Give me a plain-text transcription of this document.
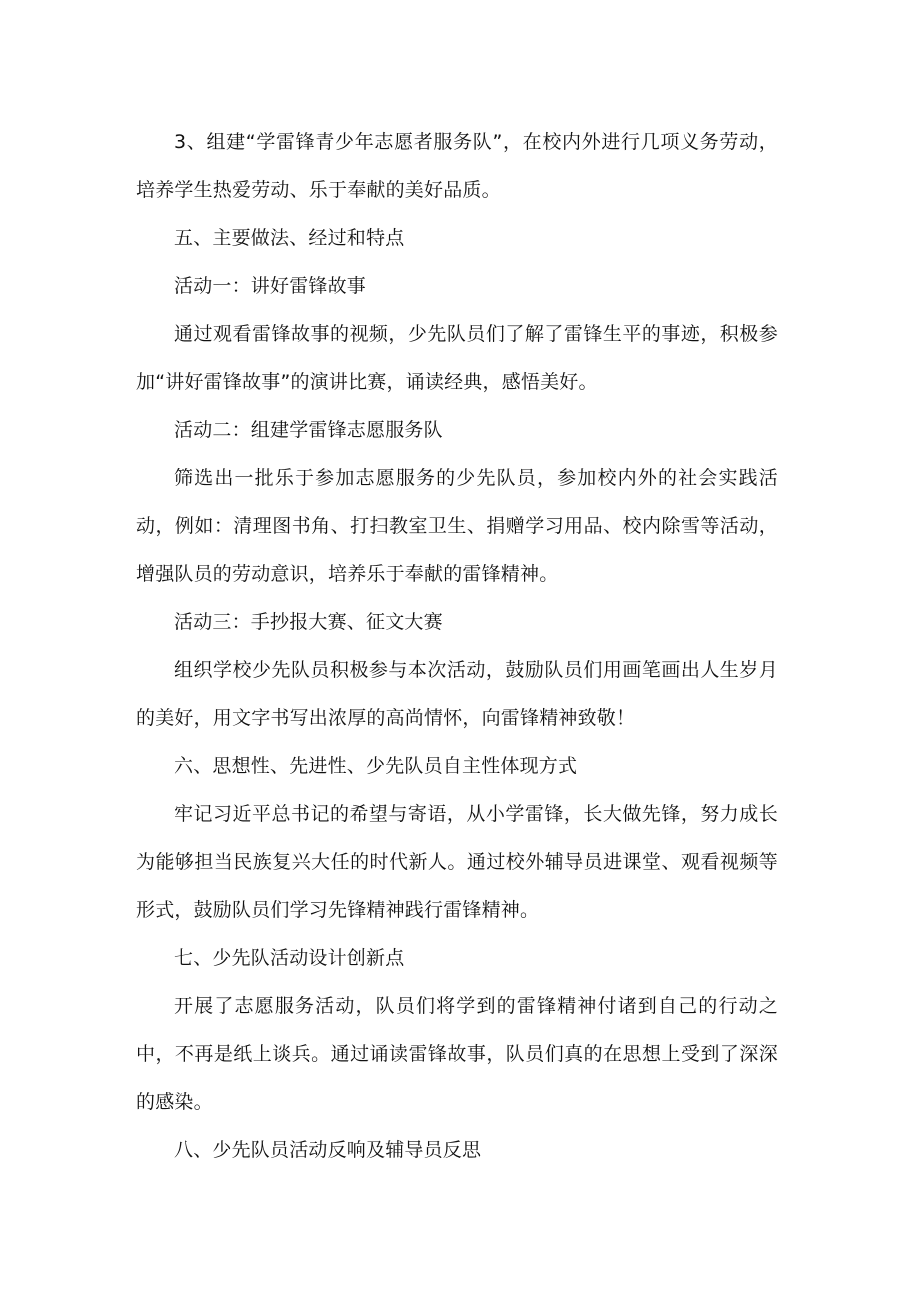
3、组建“学雷锋青少年志愿者服务队”，在校内外进行几项义务劳动，培养学生热爱劳动、乐于奉献的美好品质。

五、主要做法、经过和特点

活动一：讲好雷锋故事

通过观看雷锋故事的视频，少先队员们了解了雷锋生平的事迹，积极参加“讲好雷锋故事”的演讲比赛，诵读经典，感悟美好。

活动二：组建学雷锋志愿服务队

筛选出一批乐于参加志愿服务的少先队员，参加校内外的社会实践活动，例如：清理图书角、打扫教室卫生、捐赠学习用品、校内除雪等活动，增强队员的劳动意识，培养乐于奉献的雷锋精神。

活动三：手抄报大赛、征文大赛

组织学校少先队员积极参与本次活动，鼓励队员们用画笔画出人生岁月的美好，用文字书写出浓厚的高尚情怀，向雷锋精神致敬！

六、思想性、先进性、少先队员自主性体现方式

牢记习近平总书记的希望与寄语，从小学雷锋，长大做先锋，努力成长为能够担当民族复兴大任的时代新人。通过校外辅导员进课堂、观看视频等形式，鼓励队员们学习先锋精神践行雷锋精神。

七、少先队活动设计创新点

开展了志愿服务活动，队员们将学到的雷锋精神付诸到自己的行动之中，不再是纸上谈兵。通过诵读雷锋故事，队员们真的在思想上受到了深深的感染。

八、少先队员活动反响及辅导员反思
